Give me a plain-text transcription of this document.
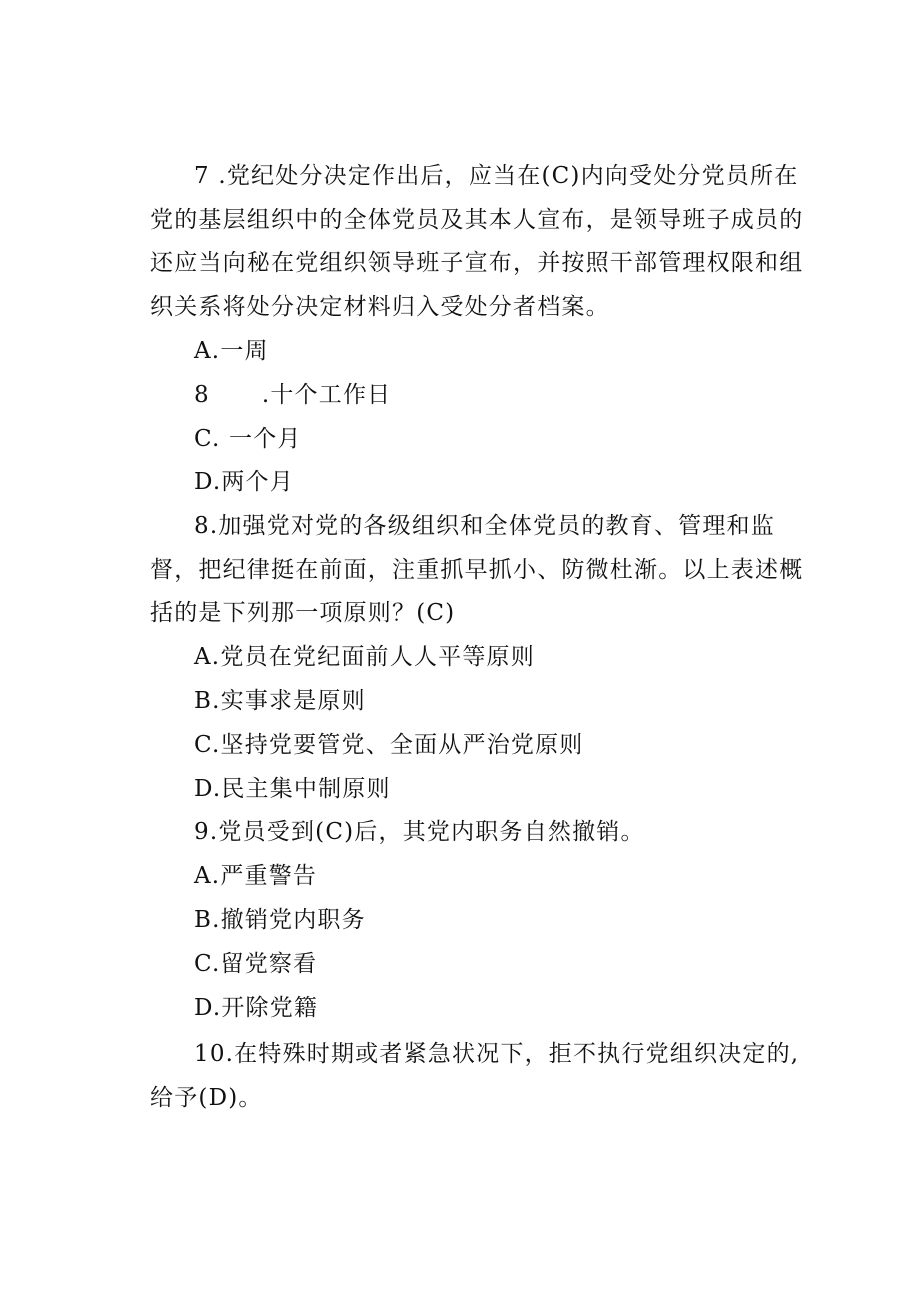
7 .党纪处分决定作出后，应当在(C)内向受处分党员所在党的基层组织中的全体党员及其本人宣布，是领导班子成员的还应当向秘在党组织领导班子宣布，并按照干部管理权限和组织关系将处分决定材料归入受处分者档案。

A.一周

8 .十个工作日

C. 一个月

D.两个月

8.加强党对党的各级组织和全体党员的教育、管理和监督，把纪律挺在前面，注重抓早抓小、防微杜渐。以上表述概括的是下列那一项原则？(C)

A.党员在党纪面前人人平等原则

B.实事求是原则

C.坚持党要管党、全面从严治党原则

D.民主集中制原则

9.党员受到(C)后，其党内职务自然撤销。

A.严重警告

B.撤销党内职务

C.留党察看

D.开除党籍

10.在特殊时期或者紧急状况下，拒不执行党组织决定的,给予(D)。
